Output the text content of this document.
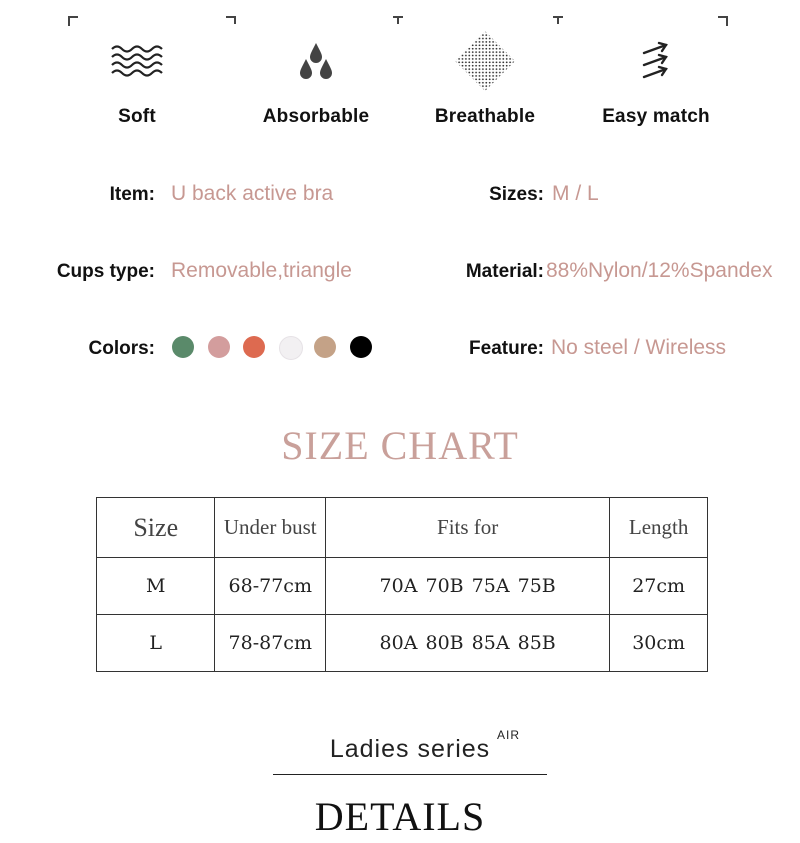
Soft	Absorbable	Breathable	Easy match
Item: U back active bra	Sizes: M / L
Cups type: Removable,triangle	Material: 88%Nylon/12%Spandex
Colors:	Feature: No steel / Wireless
SIZE CHART
Size	Under bust	Fits for	Length
M	68-77cm	70A 70B 75A 75B	27cm
L	78-87cm	80A 80B 85A 85B	30cm
Ladies series AIR
DETAILS
